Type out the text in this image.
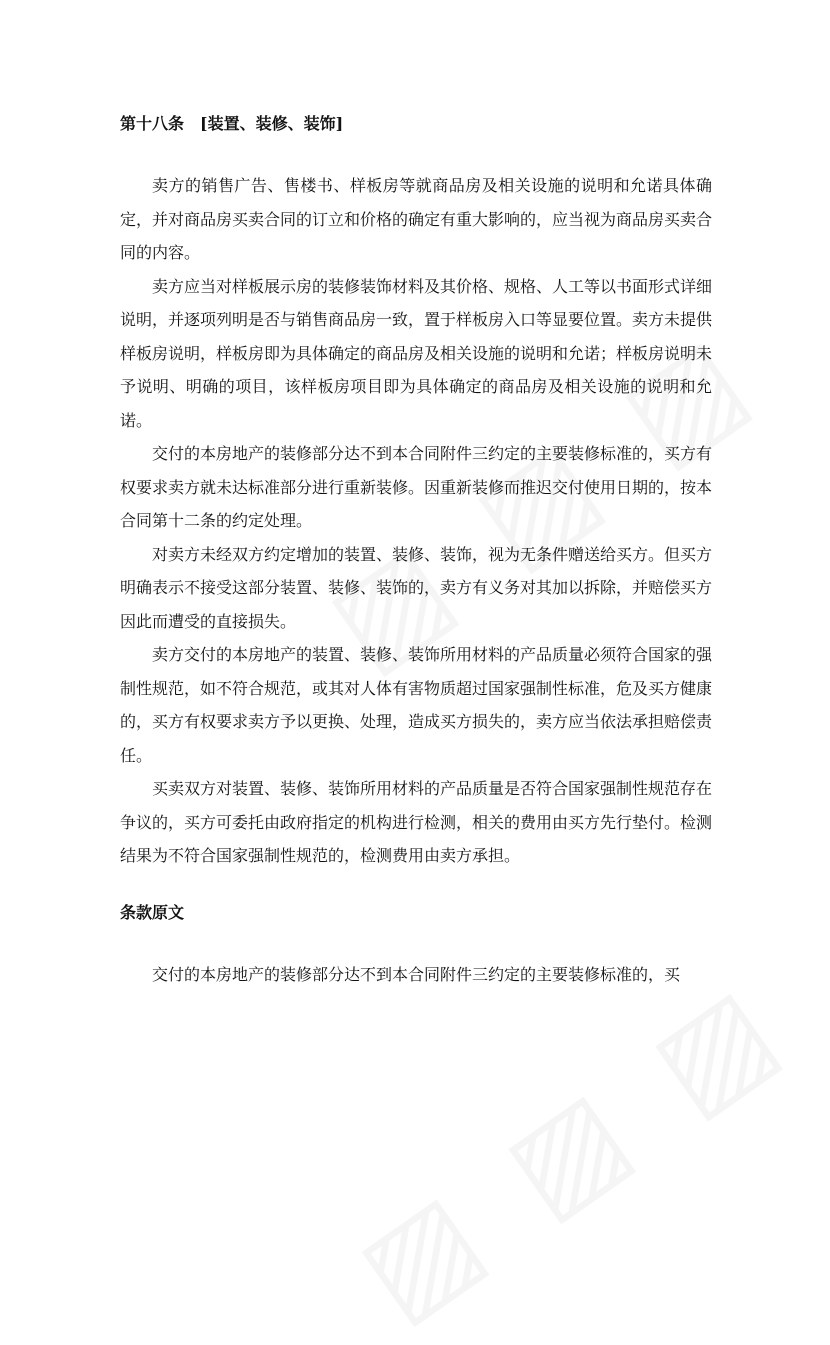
第十八条　[装置、装修、装饰]

卖方的销售广告、售楼书、样板房等就商品房及相关设施的说明和允诺具体确定，并对商品房买卖合同的订立和价格的确定有重大影响的，应当视为商品房买卖合同的内容。

卖方应当对样板展示房的装修装饰材料及其价格、规格、人工等以书面形式详细说明，并逐项列明是否与销售商品房一致，置于样板房入口等显要位置。卖方未提供样板房说明，样板房即为具体确定的商品房及相关设施的说明和允诺；样板房说明未予说明、明确的项目，该样板房项目即为具体确定的商品房及相关设施的说明和允诺。

交付的本房地产的装修部分达不到本合同附件三约定的主要装修标准的，买方有权要求卖方就未达标准部分进行重新装修。因重新装修而推迟交付使用日期的，按本合同第十二条的约定处理。

对卖方未经双方约定增加的装置、装修、装饰，视为无条件赠送给买方。但买方明确表示不接受这部分装置、装修、装饰的，卖方有义务对其加以拆除，并赔偿买方因此而遭受的直接损失。

卖方交付的本房地产的装置、装修、装饰所用材料的产品质量必须符合国家的强制性规范，如不符合规范，或其对人体有害物质超过国家强制性标准，危及买方健康的，买方有权要求卖方予以更换、处理，造成买方损失的，卖方应当依法承担赔偿责任。

买卖双方对装置、装修、装饰所用材料的产品质量是否符合国家强制性规范存在争议的，买方可委托由政府指定的机构进行检测，相关的费用由买方先行垫付。检测结果为不符合国家强制性规范的，检测费用由卖方承担。

条款原文

交付的本房地产的装修部分达不到本合同附件三约定的主要装修标准的，买
